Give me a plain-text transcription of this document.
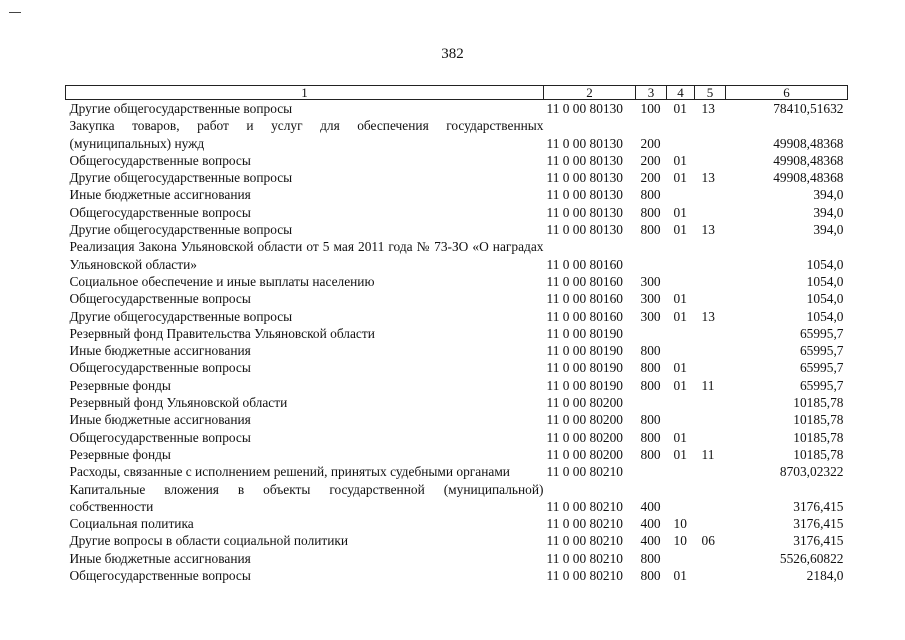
382
1	2	3	4	5	6
Другие общегосударственные вопросы	11 0 00 80130	100	01	13	78410,51632
Закупка товаров, работ и услуг для обеспечения государственных (муниципальных) нужд	11 0 00 80130	200			49908,48368
Общегосударственные вопросы	11 0 00 80130	200	01		49908,48368
Другие общегосударственные вопросы	11 0 00 80130	200	01	13	49908,48368
Иные бюджетные ассигнования	11 0 00 80130	800			394,0
Общегосударственные вопросы	11 0 00 80130	800	01		394,0
Другие общегосударственные вопросы	11 0 00 80130	800	01	13	394,0
Реализация Закона Ульяновской области от 5 мая 2011 года № 73-ЗО «О наградах Ульяновской области»	11 0 00 80160				1054,0
Социальное обеспечение и иные выплаты населению	11 0 00 80160	300			1054,0
Общегосударственные вопросы	11 0 00 80160	300	01		1054,0
Другие общегосударственные вопросы	11 0 00 80160	300	01	13	1054,0
Резервный фонд Правительства Ульяновской области	11 0 00 80190				65995,7
Иные бюджетные ассигнования	11 0 00 80190	800			65995,7
Общегосударственные вопросы	11 0 00 80190	800	01		65995,7
Резервные фонды	11 0 00 80190	800	01	11	65995,7
Резервный фонд Ульяновской области	11 0 00 80200				10185,78
Иные бюджетные ассигнования	11 0 00 80200	800			10185,78
Общегосударственные вопросы	11 0 00 80200	800	01		10185,78
Резервные фонды	11 0 00 80200	800	01	11	10185,78
Расходы, связанные с исполнением решений, принятых судебными органами	11 0 00 80210				8703,02322
Капитальные вложения в объекты государственной (муниципальной) собственности	11 0 00 80210	400			3176,415
Социальная политика	11 0 00 80210	400	10		3176,415
Другие вопросы в области социальной политики	11 0 00 80210	400	10	06	3176,415
Иные бюджетные ассигнования	11 0 00 80210	800			5526,60822
Общегосударственные вопросы	11 0 00 80210	800	01		2184,0
